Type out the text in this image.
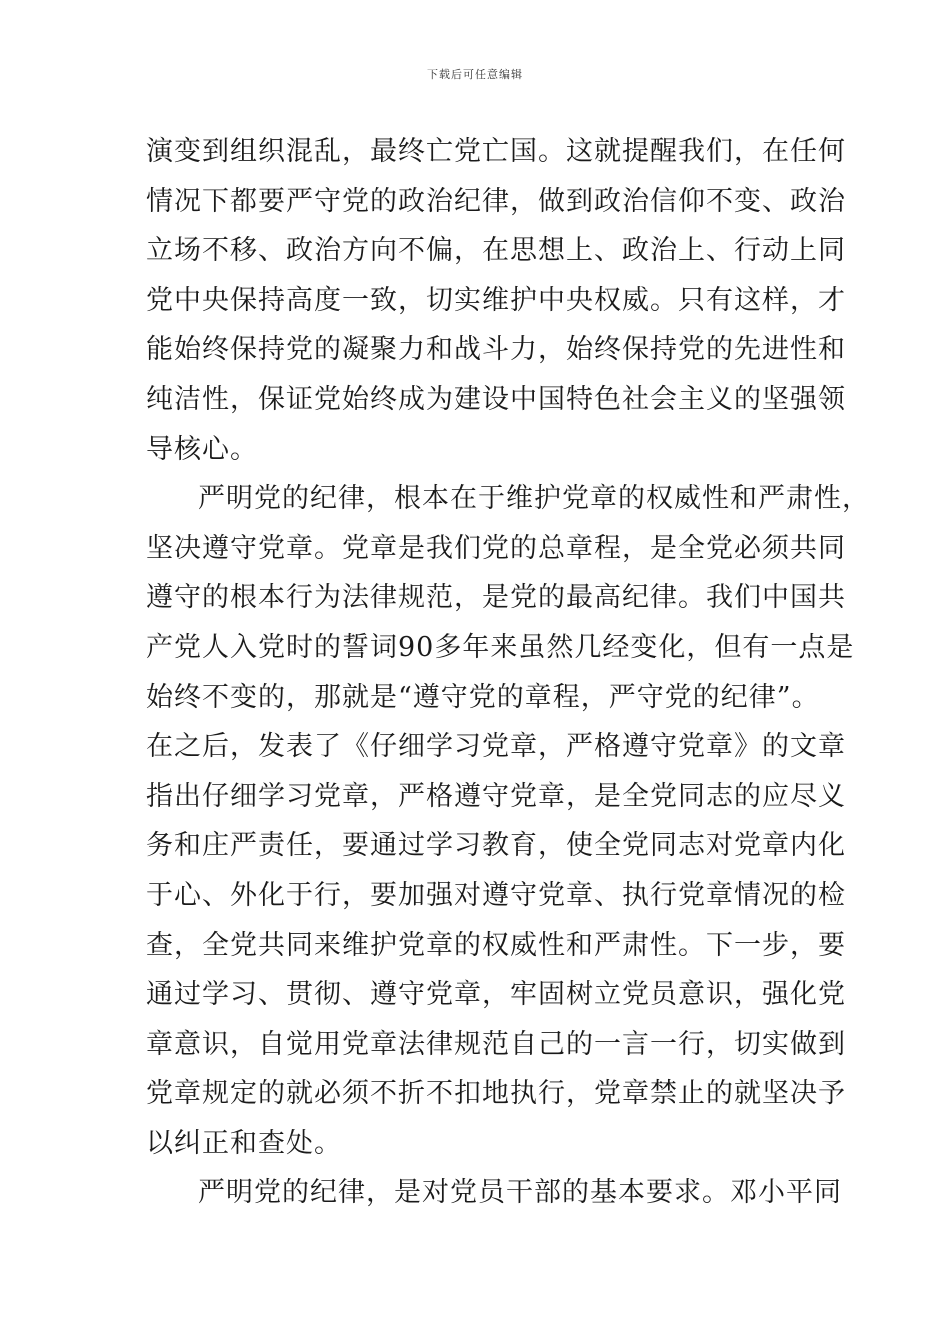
下载后可任意编辑
演变到组织混乱，最终亡党亡国。这就提醒我们，在任何
情况下都要严守党的政治纪律，做到政治信仰不变、政治
立场不移、政治方向不偏，在思想上、政治上、行动上同
党中央保持高度一致，切实维护中央权威。只有这样，才
能始终保持党的凝聚力和战斗力，始终保持党的先进性和
纯洁性，保证党始终成为建设中国特色社会主义的坚强领
导核心。
严明党的纪律，根本在于维护党章的权威性和严肃性，
坚决遵守党章。党章是我们党的总章程，是全党必须共同
遵守的根本行为法律规范，是党的最高纪律。我们中国共
产党人入党时的誓词90多年来虽然几经变化，但有一点是
始终不变的，那就是“遵守党的章程，严守党的纪律”。
在之后，发表了《仔细学习党章，严格遵守党章》的文章
指出仔细学习党章，严格遵守党章，是全党同志的应尽义
务和庄严责任，要通过学习教育，使全党同志对党章内化
于心、外化于行，要加强对遵守党章、执行党章情况的检
查，全党共同来维护党章的权威性和严肃性。下一步，要
通过学习、贯彻、遵守党章，牢固树立党员意识，强化党
章意识，自觉用党章法律规范自己的一言一行，切实做到
党章规定的就必须不折不扣地执行，党章禁止的就坚决予
以纠正和查处。
严明党的纪律，是对党员干部的基本要求。邓小平同
